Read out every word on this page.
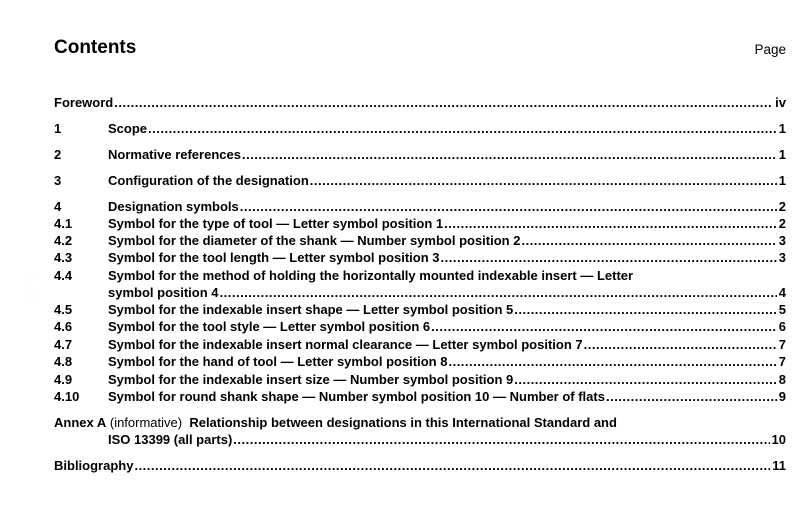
Contents	Page
Foreword .....	iv
1	Scope .....	1
2	Normative references .....	1
3	Configuration of the designation .....	1
4	Designation symbols .....	2
4.1	Symbol for the type of tool — Letter symbol position 1 .....	2
4.2	Symbol for the diameter of the shank — Number symbol position 2 .....	3
4.3	Symbol for the tool length — Letter symbol position 3 .....	3
4.4	Symbol for the method of holding the horizontally mounted indexable insert — Letter
symbol position 4 .....	4
4.5	Symbol for the indexable insert shape — Letter symbol position 5 .....	5
4.6	Symbol for the tool style — Letter symbol position 6 .....	6
4.7	Symbol for the indexable insert normal clearance — Letter symbol position 7 .....	7
4.8	Symbol for the hand of tool — Letter symbol position 8 .....	7
4.9	Symbol for the indexable insert size — Number symbol position 9 .....	8
4.10	Symbol for round shank shape — Number symbol position 10 — Number of flats .....	9
Annex A (informative) Relationship between designations in this International Standard and
ISO 13399 (all parts) .....	10
Bibliography .....	11
· ·
·
· ·
·
· ·
